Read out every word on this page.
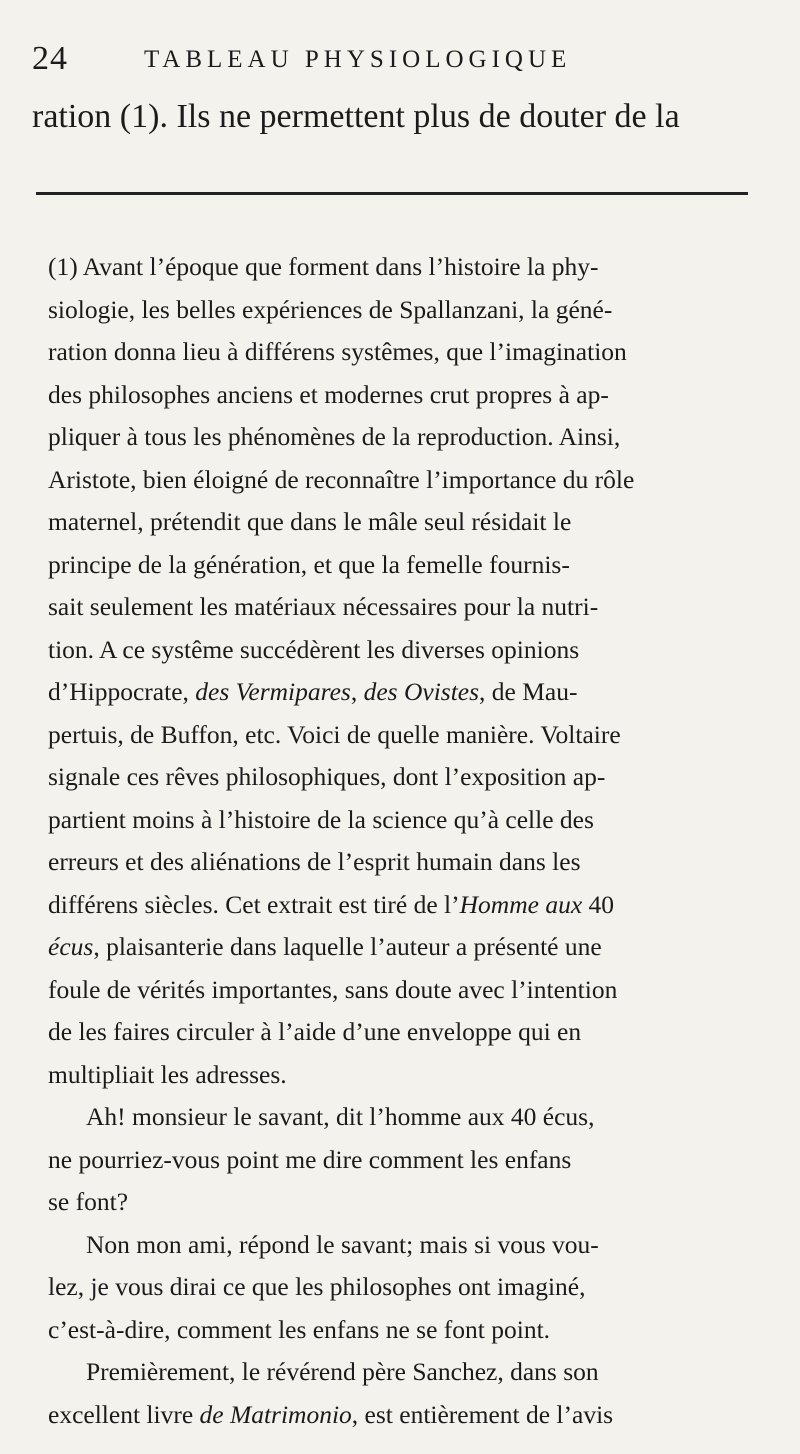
24	TABLEAU PHYSIOLOGIQUE
ration (1). Ils ne permettent plus de douter de la
(1) Avant l’époque que forment dans l’histoire la phy-
siologie, les belles expériences de Spallanzani, la géné-
ration donna lieu à différens systêmes, que l’imagination
des philosophes anciens et modernes crut propres à ap-
pliquer à tous les phénomènes de la reproduction. Ainsi,
Aristote, bien éloigné de reconnaître l’importance du rôle
maternel, prétendit que dans le mâle seul résidait le
principe de la génération, et que la femelle fournis-
sait seulement les matériaux nécessaires pour la nutri-
tion. A ce systême succédèrent les diverses opinions
d’Hippocrate, des Vermipares, des Ovistes, de Mau-
pertuis, de Buffon, etc. Voici de quelle manière. Voltaire
signale ces rêves philosophiques, dont l’exposition ap-
partient moins à l’histoire de la science qu’à celle des
erreurs et des aliénations de l’esprit humain dans les
différens siècles. Cet extrait est tiré de l’Homme aux 40
écus, plaisanterie dans laquelle l’auteur a présenté une
foule de vérités importantes, sans doute avec l’intention
de les faires circuler à l’aide d’une enveloppe qui en
multipliait les adresses.
Ah! monsieur le savant, dit l’homme aux 40 écus,
ne pourriez-vous point me dire comment les enfans
se font?
Non mon ami, répond le savant; mais si vous vou-
lez, je vous dirai ce que les philosophes ont imaginé,
c’est-à-dire, comment les enfans ne se font point.
Premièrement, le révérend père Sanchez, dans son
excellent livre de Matrimonio, est entièrement de l’avis
